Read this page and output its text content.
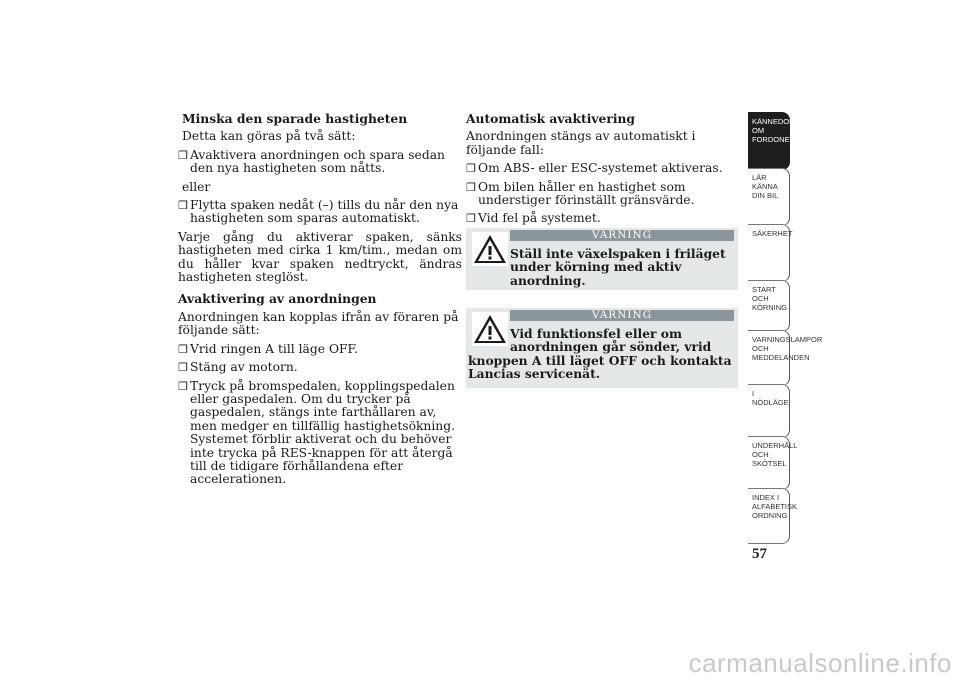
Minska den sparade hastigheten
Detta kan göras på två sätt:
❒ Avaktivera anordningen och spara sedan den nya hastigheten som nåtts.
eller
❒ Flytta spaken nedåt (–) tills du når den nya hastigheten som sparas automatiskt.
Varje gång du aktiverar spaken, sänks hastigheten med cirka 1 km/tim., medan om du håller kvar spaken nedtryckt, ändras hastigheten steglöst.
Avaktivering av anordningen
Anordningen kan kopplas ifrån av föraren på följande sätt:
❒ Vrid ringen A till läge OFF.
❒ Stäng av motorn.
❒ Tryck på bromspedalen, kopplingspedalen eller gaspedalen. Om du trycker på gaspedalen, stängs inte farthållaren av, men medger en tillfällig hastighetsökning. Systemet förblir aktiverat och du behöver inte trycka på RES-knappen för att återgå till de tidigare förhållandena efter accelerationen.
Automatisk avaktivering
Anordningen stängs av automatiskt i följande fall:
❒ Om ABS- eller ESC-systemet aktiveras.
❒ Om bilen håller en hastighet som understiger förinställt gränsvärde.
❒ Vid fel på systemet.
VARNING
Ställ inte växelspaken i friläget under körning med aktiv anordning.
VARNING
Vid funktionsfel eller om anordningen går sönder, vrid
knoppen A till läget OFF och kontakta Lancias servicenät.
KÄNNEDOM OM FORDONET
LÄR KÄNNA DIN BIL
SÄKERHET
START OCH KÖRNING
VARNINGSLAMPOR OCH MEDDELANDEN
I NÖDLÄGE
UNDERHÅLL OCH SKÖTSEL
INDEX I ALFABETISK ORDNING
57
carmanualsonline.info
